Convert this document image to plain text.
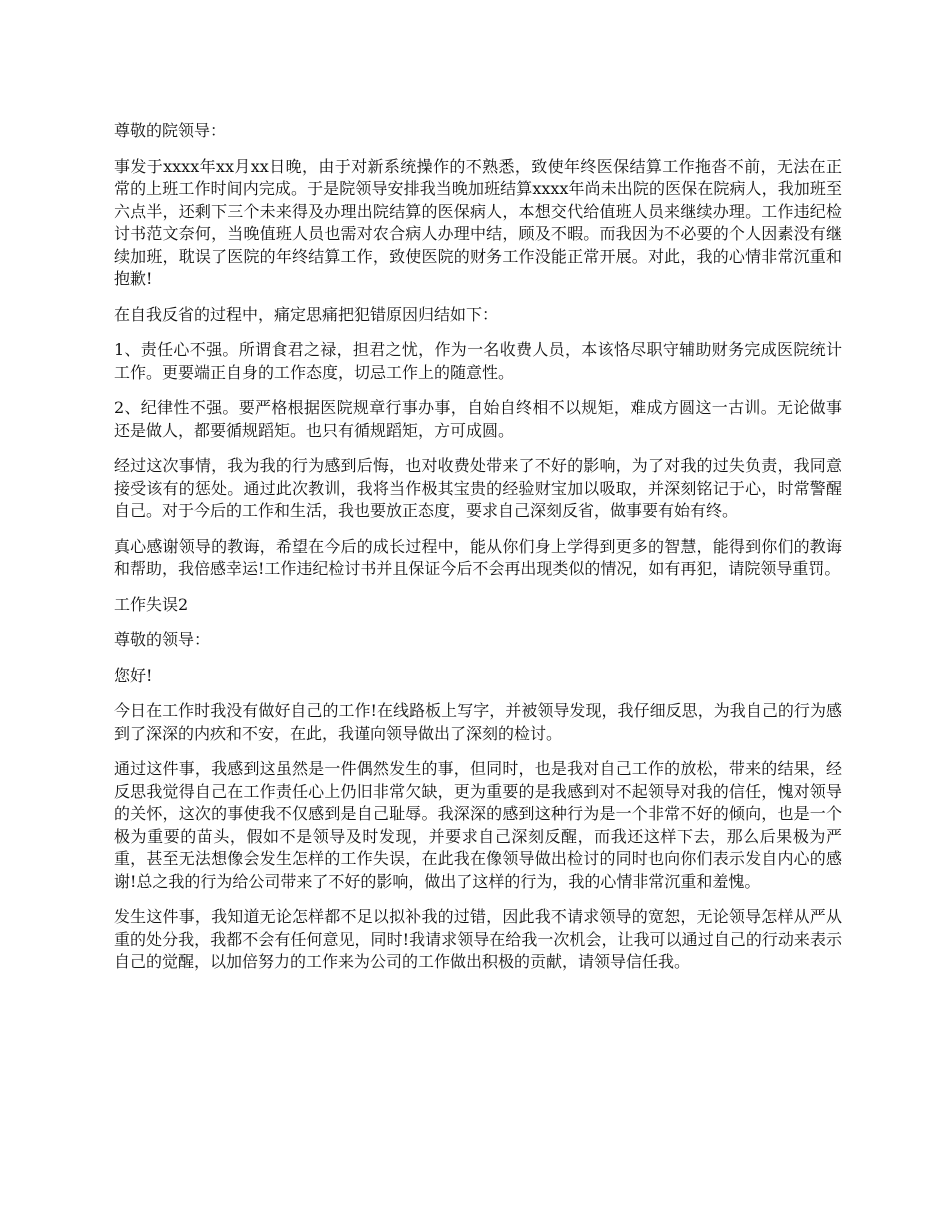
尊敬的院领导：

事发于xxxx年xx月xx日晚，由于对新系统操作的不熟悉，致使年终医保结算工作拖沓不前，无法在正常的上班工作时间内完成。于是院领导安排我当晚加班结算xxxx年尚未出院的医保在院病人，我加班至六点半，还剩下三个未来得及办理出院结算的医保病人，本想交代给值班人员来继续办理。工作违纪检讨书范文奈何，当晚值班人员也需对农合病人办理中结，顾及不暇。而我因为不必要的个人因素没有继续加班，耽误了医院的年终结算工作，致使医院的财务工作没能正常开展。对此，我的心情非常沉重和抱歉!

在自我反省的过程中，痛定思痛把犯错原因归结如下：

1、责任心不强。所谓食君之禄，担君之忧，作为一名收费人员，本该恪尽职守辅助财务完成医院统计工作。更要端正自身的工作态度，切忌工作上的随意性。

2、纪律性不强。要严格根据医院规章行事办事，自始自终相不以规矩，难成方圆这一古训。无论做事还是做人，都要循规蹈矩。也只有循规蹈矩，方可成圆。

经过这次事情，我为我的行为感到后悔，也对收费处带来了不好的影响，为了对我的过失负责，我同意接受该有的惩处。通过此次教训，我将当作极其宝贵的经验财宝加以吸取，并深刻铭记于心，时常警醒自己。对于今后的工作和生活，我也要放正态度，要求自己深刻反省，做事要有始有终。

真心感谢领导的教诲，希望在今后的成长过程中，能从你们身上学得到更多的智慧，能得到你们的教诲和帮助，我倍感幸运!工作违纪检讨书并且保证今后不会再出现类似的情况，如有再犯，请院领导重罚。

工作失误2

尊敬的领导：

您好!

今日在工作时我没有做好自己的工作!在线路板上写字，并被领导发现，我仔细反思，为我自己的行为感到了深深的内疚和不安，在此，我谨向领导做出了深刻的检讨。

通过这件事，我感到这虽然是一件偶然发生的事，但同时，也是我对自己工作的放松，带来的结果，经反思我觉得自己在工作责任心上仍旧非常欠缺，更为重要的是我感到对不起领导对我的信任，愧对领导的关怀，这次的事使我不仅感到是自己耻辱。我深深的感到这种行为是一个非常不好的倾向，也是一个极为重要的苗头，假如不是领导及时发现，并要求自己深刻反醒，而我还这样下去，那么后果极为严重，甚至无法想像会发生怎样的工作失误，在此我在像领导做出检讨的同时也向你们表示发自内心的感谢!总之我的行为给公司带来了不好的影响，做出了这样的行为，我的心情非常沉重和羞愧。

发生这件事，我知道无论怎样都不足以拟补我的过错，因此我不请求领导的宽恕，无论领导怎样从严从重的处分我，我都不会有任何意见，同时!我请求领导在给我一次机会，让我可以通过自己的行动来表示自己的觉醒，以加倍努力的工作来为公司的工作做出积极的贡献，请领导信任我。
